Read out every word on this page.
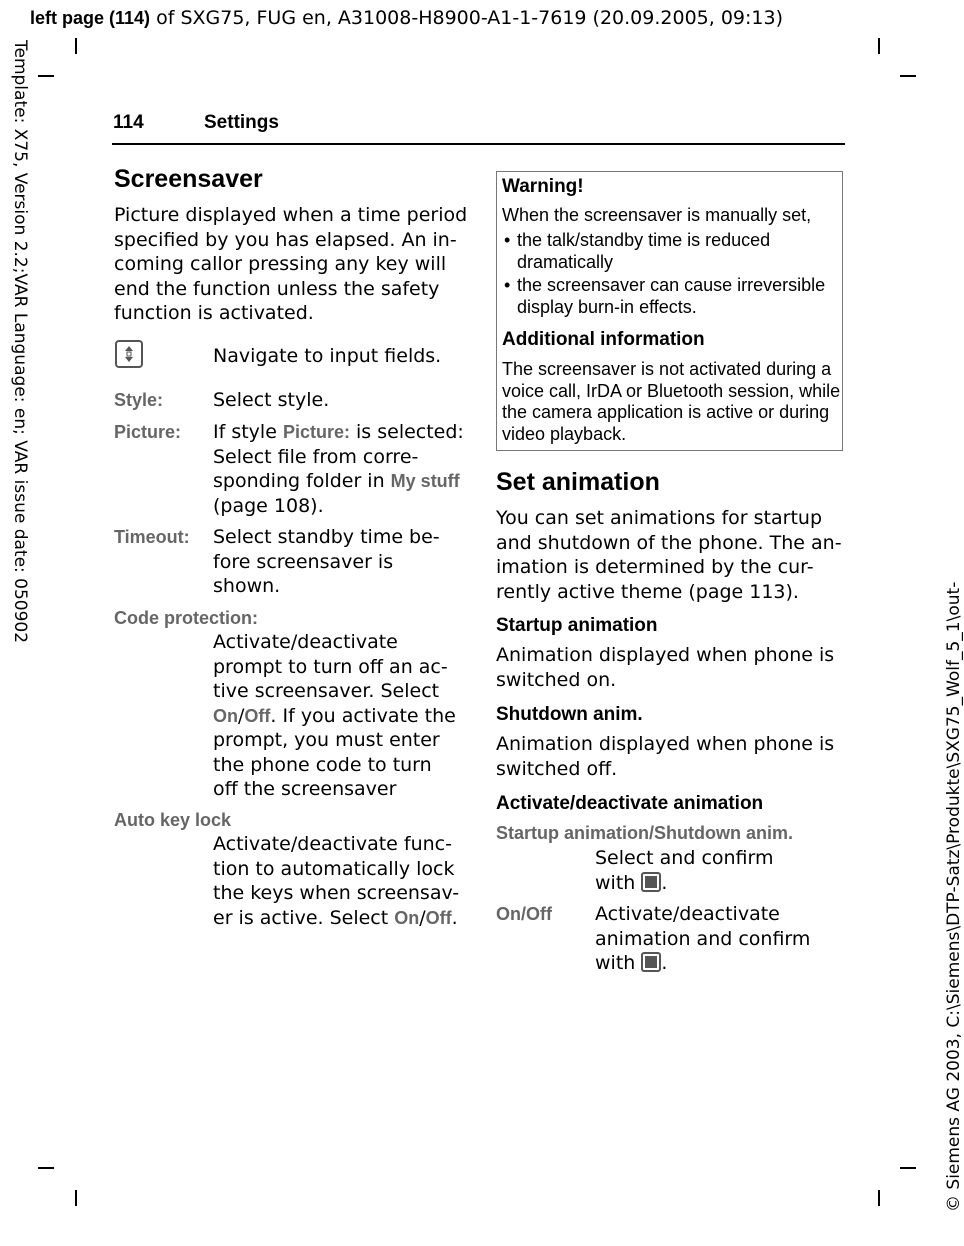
left page (114) of SXG75, FUG en, A31008-H8900-A1-1-7619 (20.09.2005, 09:13)
Template: X75, Version 2.2;VAR Language: en; VAR issue date: 050902
© Siemens AG 2003, C:\Siemens\DTP-Satz\Produkte\SXG75_Wolf_5_1\out-
114	Settings
Screensaver
Picture displayed when a time period
specified by you has elapsed. An in-
coming callor pressing any key will
end the function unless the safety
function is activated.
Navigate to input fields.
Style:	Select style.
Picture: If style Picture: is selected:
Select file from corre-
sponding folder in My stuff
(page 108).
Timeout: Select standby time be-
fore screensaver is
shown.
Code protection:
Activate/deactivate
prompt to turn off an ac-
tive screensaver. Select
On/Off. If you activate the
prompt, you must enter
the phone code to turn
off the screensaver
Auto key lock
Activate/deactivate func-
tion to automatically lock
the keys when screensav-
er is active. Select On/Off.
Warning!
When the screensaver is manually set,
• the talk/standby time is reduced
dramatically
• the screensaver can cause irreversible
display burn-in effects.
Additional information
The screensaver is not activated during a
voice call, IrDA or Bluetooth session, while
the camera application is active or during
video playback.
Set animation
You can set animations for startup
and shutdown of the phone. The an-
imation is determined by the cur-
rently active theme (page 113).
Startup animation
Animation displayed when phone is
switched on.
Shutdown anim.
Animation displayed when phone is
switched off.
Activate/deactivate animation
Startup animation/Shutdown anim.
Select and confirm
with .
On/Off Activate/deactivate
animation and confirm
with .
